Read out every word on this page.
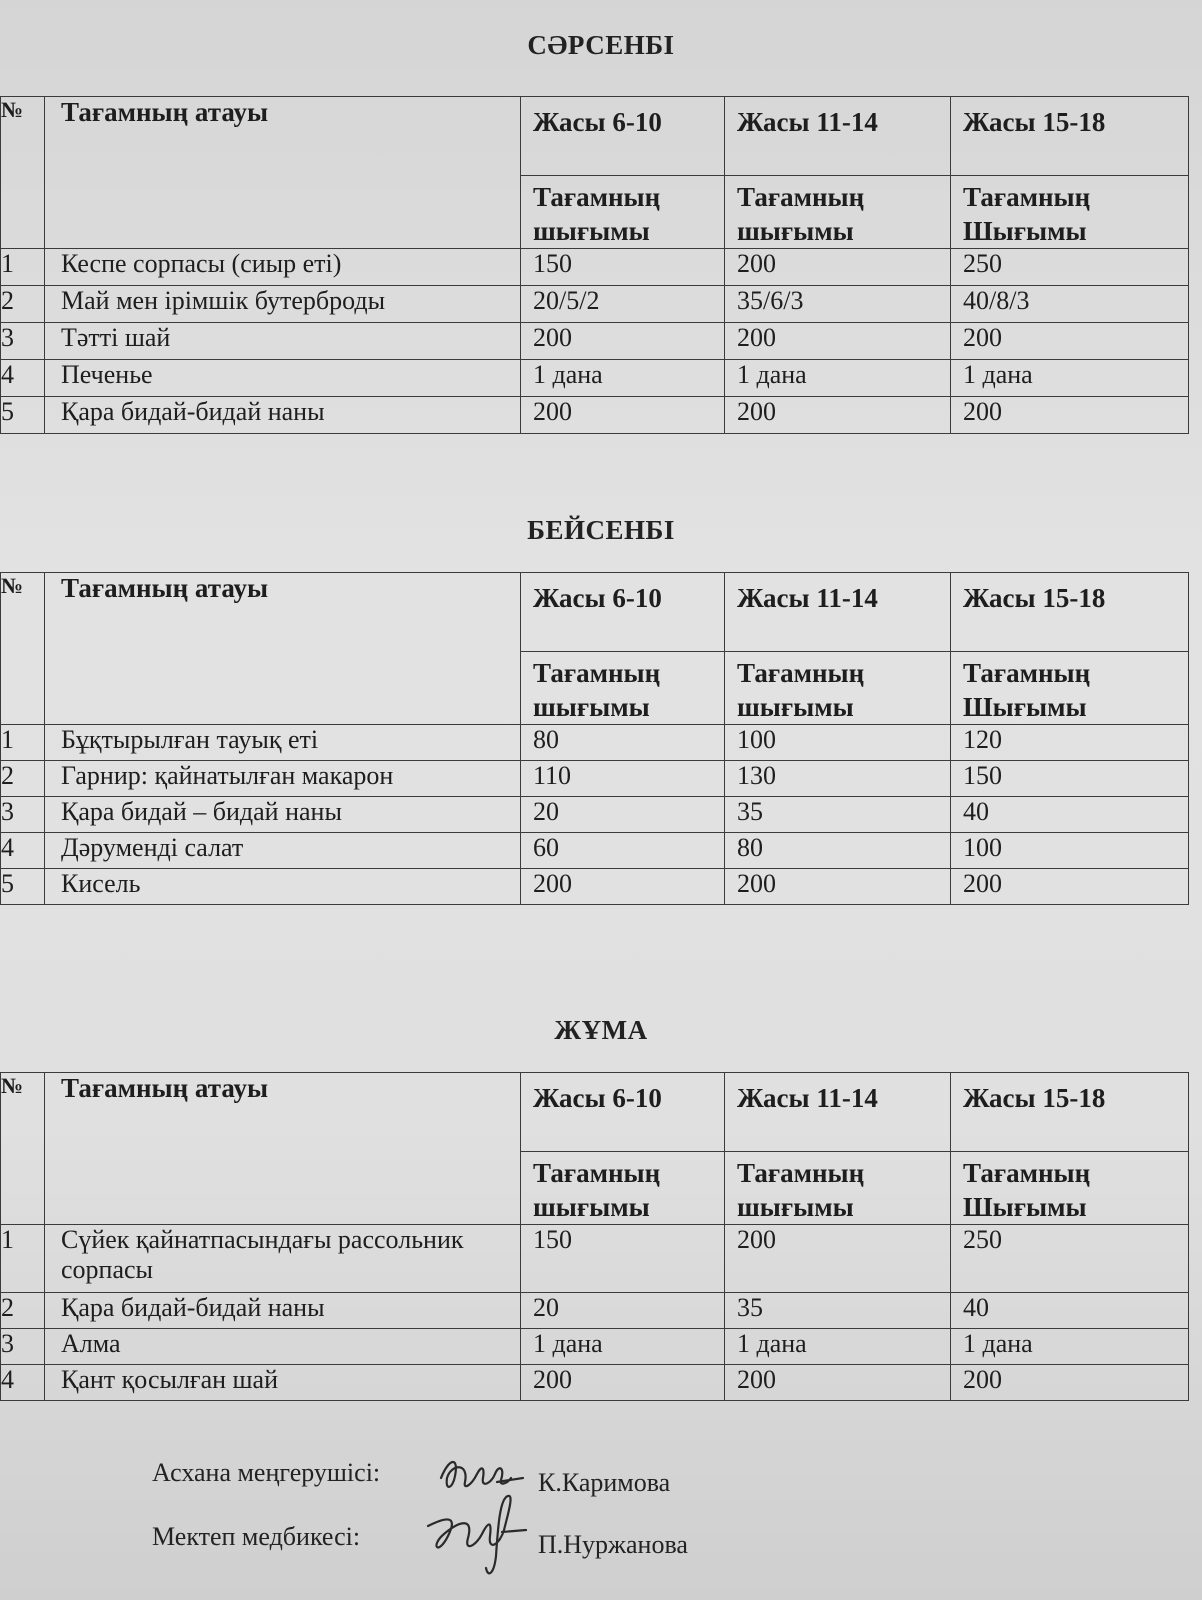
СӘРСЕНБІ
№	Тағамның атауы	Жасы 6-10	Жасы 11-14	Жасы 15-18
		Тағамның шығымы	Тағамның шығымы	Тағамның Шығымы
1	Кеспе сорпасы (сиыр еті)	150	200	250
2	Май мен ірімшік бутерброды	20/5/2	35/6/3	40/8/3
3	Тәтті шай	200	200	200
4	Печенье	1 дана	1 дана	1 дана
5	Қара бидай-бидай наны	200	200	200
БЕЙСЕНБІ
№	Тағамның атауы	Жасы 6-10	Жасы 11-14	Жасы 15-18
		Тағамның шығымы	Тағамның шығымы	Тағамның Шығымы
1	Бұқтырылған тауық еті	80	100	120
2	Гарнир: қайнатылған макарон	110	130	150
3	Қара бидай – бидай наны	20	35	40
4	Дәруменді салат	60	80	100
5	Кисель	200	200	200
ЖҰМА
№	Тағамның атауы	Жасы 6-10	Жасы 11-14	Жасы 15-18
		Тағамның шығымы	Тағамның шығымы	Тағамның Шығымы
1	Сүйек қайнатпасындағы рассольник сорпасы	150	200	250
2	Қара бидай-бидай наны	20	35	40
3	Алма	1 дана	1 дана	1 дана
4	Қант қосылған шай	200	200	200
Асхана меңгерушісі:	К.Каримова
Мектеп медбикесі:	П.Нуржанова
